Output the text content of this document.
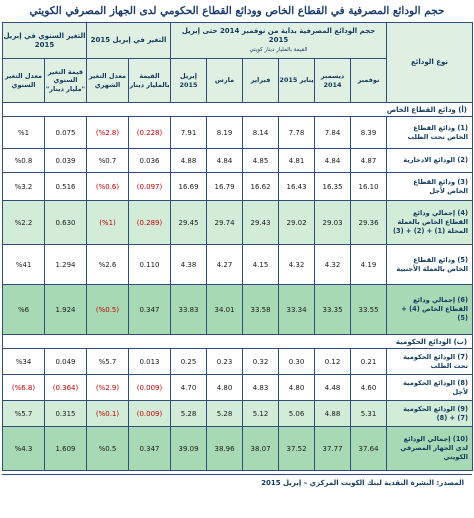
حجم الودائع المصرفية في القطاع الخاص وودائع القطاع الحكومي لدى الجهاز المصرفي الكويتي
نوع الودائع	حجم الودائع المصرفية بداية من نوفمبر 2014 حتى إبريل 2015
القيمة بالمليار دينار كويتي						التغير في إبريل 2015		التغير السنوي في إبريل 2015	
	نوفمبر	ديسمبر 2014	يناير 2015	فبراير	مارس	إبريل 2015	القيمة بالمليار دينار	معدل التغير الشهري	قيمة التغير السنوي "مليار دينار"	معدل التغير السنوي
(أ) ودائع القطاع الخاص										
(1) ودائع القطاع الخاص تحت الطلب	8.39	7.84	7.78	8.14	8.19	7.91	(0.228)	(%2.8)	0.075	%1
(2) الودائع الادخارية	4.87	4.84	4.81	4.85	4.84	4.88	0.036	%0.7	0.039	%0.8
(3) ودائع القطاع الخاص لأجل	16.10	16.35	16.43	16.62	16.79	16.69	(0.097)	(%0.6)	0.516	%3.2
(4) إجمالي ودائع القطاع الخاص بالعملة المحلة (1) + (2) + (3)	29.36	29.03	29.02	29.43	29.74	29.45	(0.289)	(%1)	0.630	%2.2
(5) ودائع القطاع الخاص بالعملة الأجنبية	4.19	4.32	4.32	4.15	4.27	4.38	0.110	%2.6	1.294	%41
(6) إجمالي ودائع القطاع الخاص (4) + (5)	33.55	33.35	33.34	33.58	34.01	33.83	0.347	(%0.5)	1.924	%6
(ب) الودائع الحكومية										
(7) الودائع الحكومية تحت الطلب	0.21	0.12	0.30	0.32	0.23	0.25	0.013	%5.7	0.049	%34
(8) الودائع الحكومية لأجل	4.60	4.48	4.80	4.83	4.80	4.70	(0.009)	(%2.9)	(0.364)	(%6.8)
(9) الودائع الحكومية (7) + (8)	5.31	4.88	5.06	5.12	5.28	5.28	(0.009)	(%0.1)	0.315	%5.7
(10) إجمالي الودائع لدى الجهاز المصرفي الكويتي	37.64	37.77	37.52	38.07	38.96	39.09	0.347	%0.5	1.609	%4.3
المصدر: النشرة النقدية لبنك الكويت المركزي – إبريل 2015
